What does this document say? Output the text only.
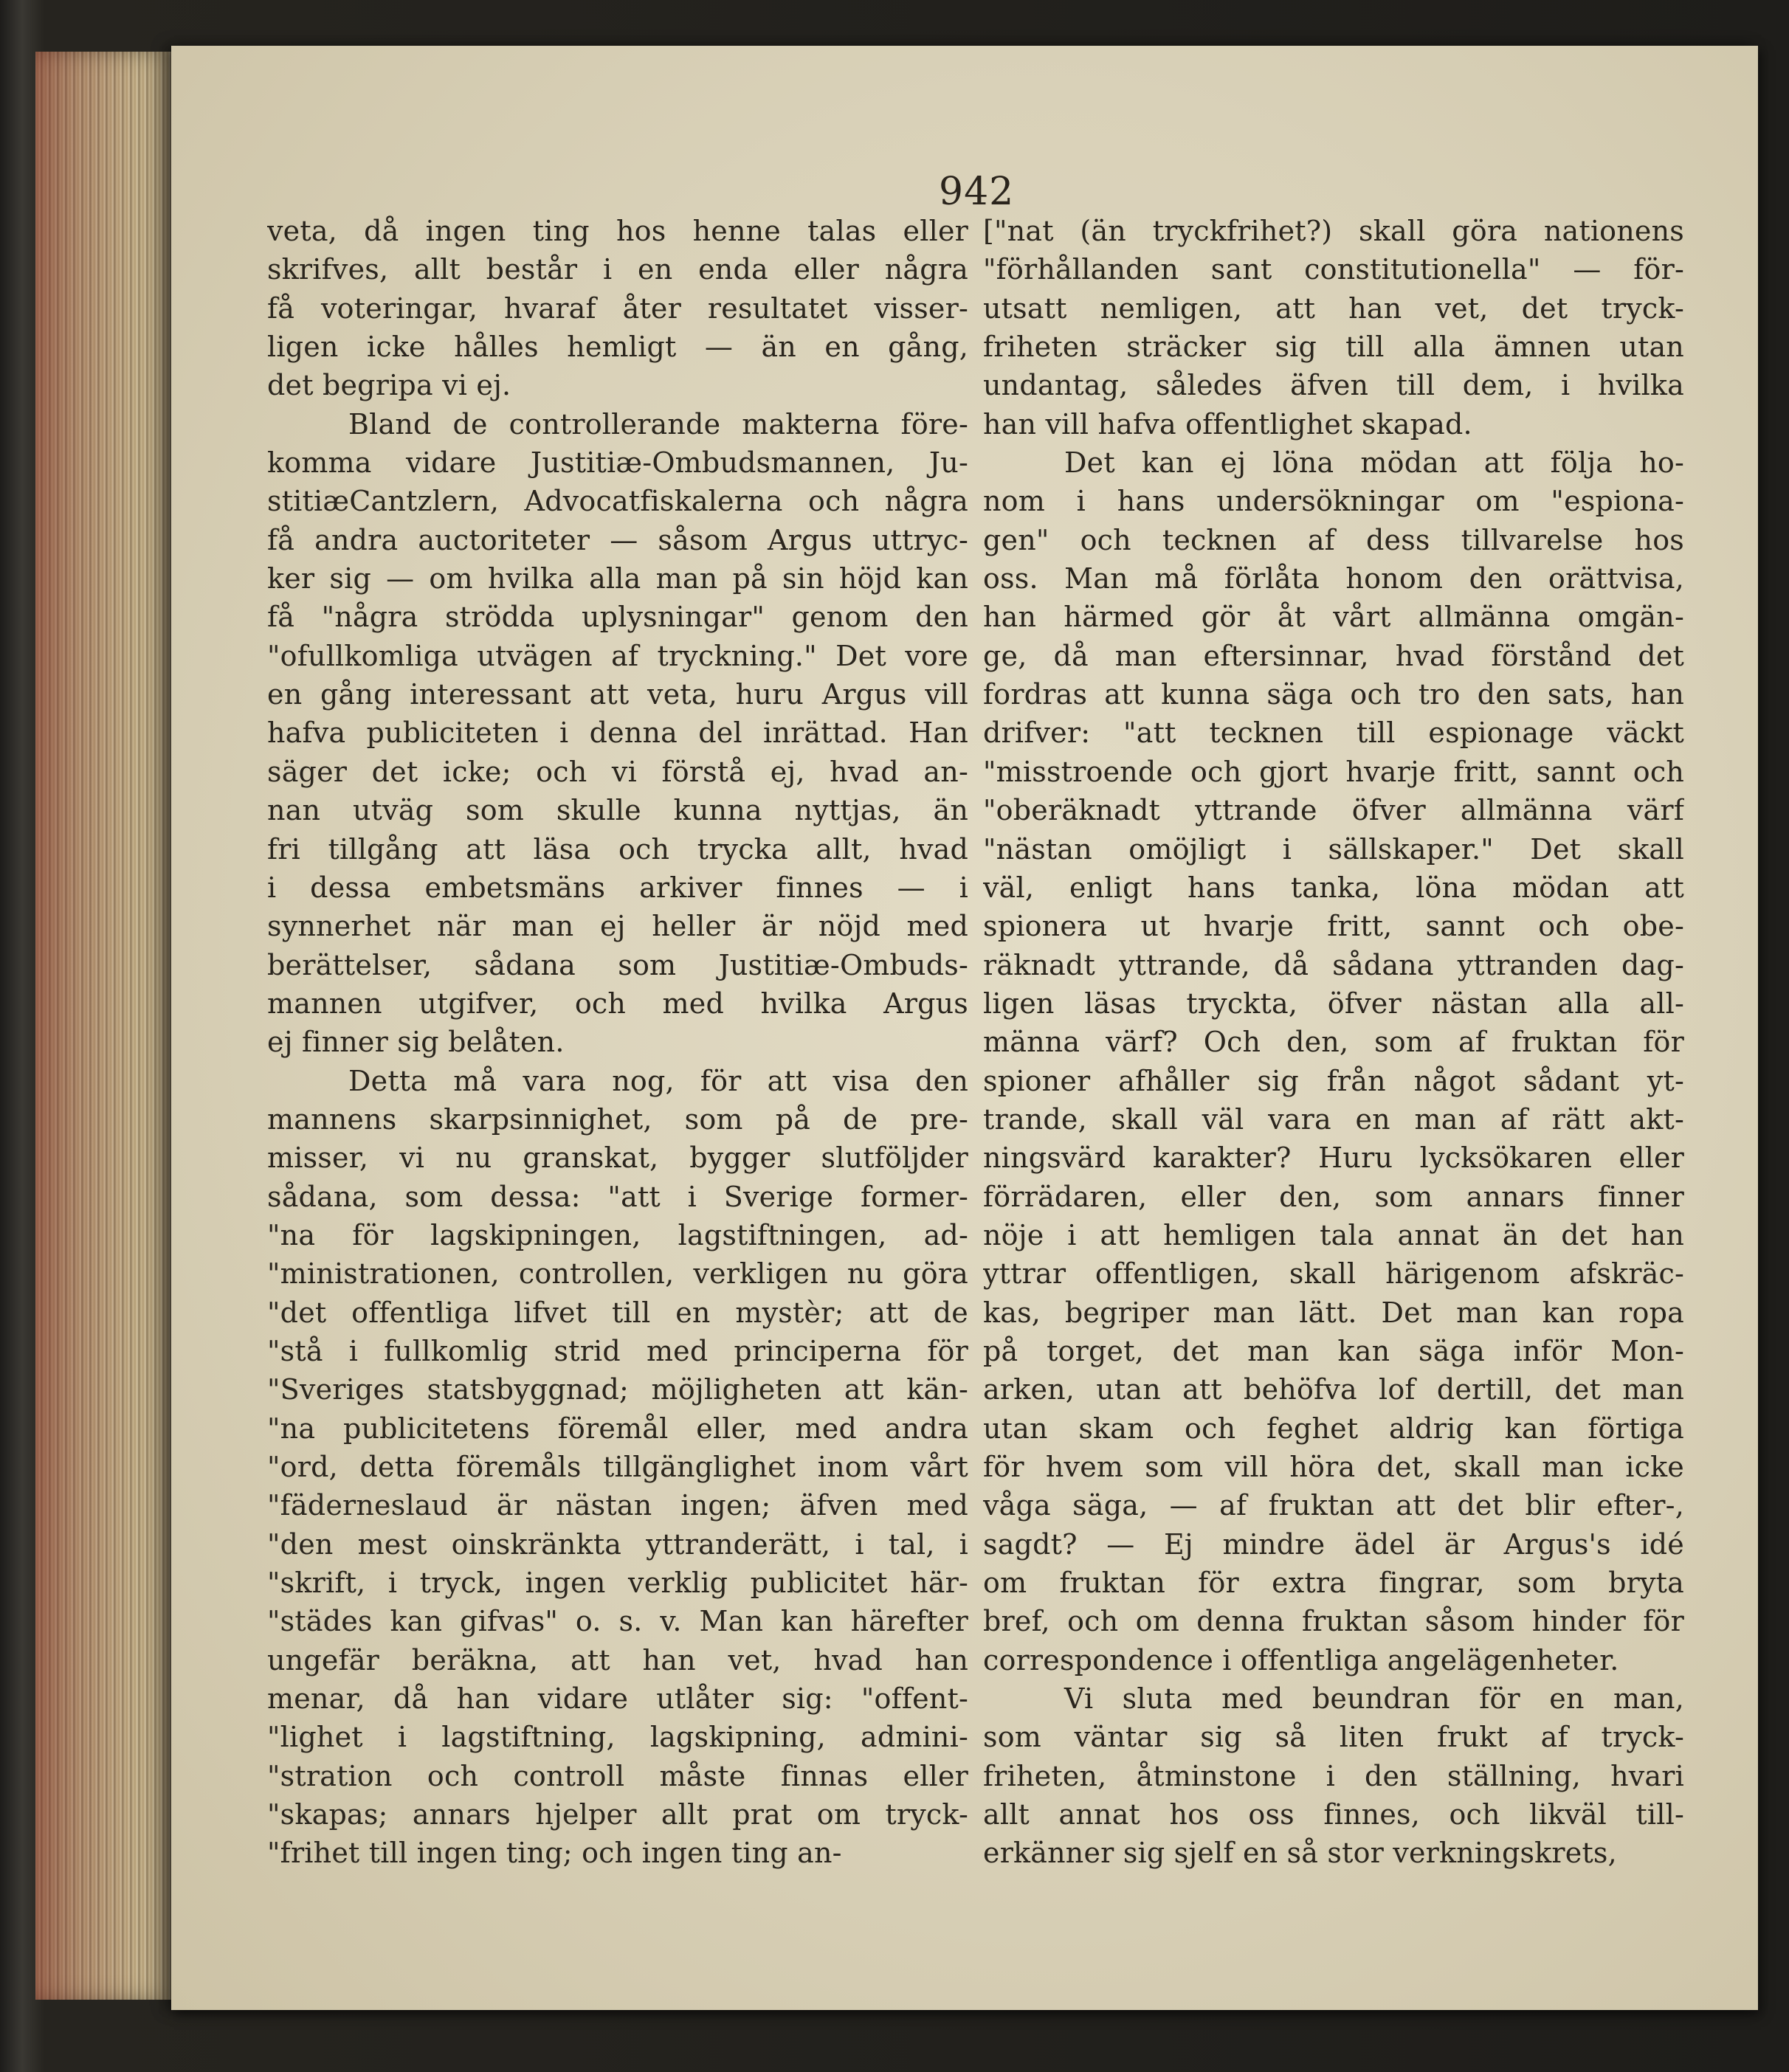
942
veta, då ingen ting hos henne talas eller
skrifves, allt består i en enda eller några
få voteringar, hvaraf åter resultatet visser-
ligen icke hålles hemligt — än en gång,
det begripa vi ej.
Bland de controllerande makterna före-
komma vidare Justitiæ-Ombudsmannen, Ju-
stitiæCantzlern, Advocatfiskalerna och några
få andra auctoriteter — såsom Argus uttryc-
ker sig — om hvilka alla man på sin höjd kan
få "några strödda uplysningar" genom den
"ofullkomliga utvägen af tryckning." Det vore
en gång interessant att veta, huru Argus vill
hafva publiciteten i denna del inrättad. Han
säger det icke; och vi förstå ej, hvad an-
nan utväg som skulle kunna nyttjas, än
fri tillgång att läsa och trycka allt, hvad
i dessa embetsmäns arkiver finnes — i
synnerhet när man ej heller är nöjd med
berättelser, sådana som Justitiæ-Ombuds-
mannen utgifver, och med hvilka Argus
ej finner sig belåten.
Detta må vara nog, för att visa den
mannens skarpsinnighet, som på de pre-
misser, vi nu granskat, bygger slutföljder
sådana, som dessa: "att i Sverige former-
"na för lagskipningen, lagstiftningen, ad-
"ministrationen, controllen, verkligen nu göra
"det offentliga lifvet till en mystèr; att de
"stå i fullkomlig strid med principerna för
"Sveriges statsbyggnad; möjligheten att kän-
"na publicitetens föremål eller, med andra
"ord, detta föremåls tillgänglighet inom vårt
"fäderneslaud är nästan ingen; äfven med
"den mest oinskränkta yttranderätt, i tal, i
"skrift, i tryck, ingen verklig publicitet här-
"städes kan gifvas" o. s. v. Man kan härefter
ungefär beräkna, att han vet, hvad han
menar, då han vidare utlåter sig: "offent-
"lighet i lagstiftning, lagskipning, admini-
"stration och controll måste finnas eller
"skapas; annars hjelper allt prat om tryck-
"frihet till ingen ting; och ingen ting an-
["nat (än tryckfrihet?) skall göra nationens
"förhållanden sant constitutionella" — för-
utsatt nemligen, att han vet, det tryck-
friheten sträcker sig till alla ämnen utan
undantag, således äfven till dem, i hvilka
han vill hafva offentlighet skapad.
Det kan ej löna mödan att följa ho-
nom i hans undersökningar om "espiona-
gen" och tecknen af dess tillvarelse hos
oss. Man må förlåta honom den orättvisa,
han härmed gör åt vårt allmänna omgän-
ge, då man eftersinnar, hvad förstånd det
fordras att kunna säga och tro den sats, han
drifver: "att tecknen till espionage väckt
"misstroende och gjort hvarje fritt, sannt och
"oberäknadt yttrande öfver allmänna värf
"nästan omöjligt i sällskaper." Det skall
väl, enligt hans tanka, löna mödan att
spionera ut hvarje fritt, sannt och obe-
räknadt yttrande, då sådana yttranden dag-
ligen läsas tryckta, öfver nästan alla all-
männa värf? Och den, som af fruktan för
spioner afhåller sig från något sådant yt-
trande, skall väl vara en man af rätt akt-
ningsvärd karakter? Huru lycksökaren eller
förrädaren, eller den, som annars finner
nöje i att hemligen tala annat än det han
yttrar offentligen, skall härigenom afskräc-
kas, begriper man lätt. Det man kan ropa
på torget, det man kan säga inför Mon-
arken, utan att behöfva lof dertill, det man
utan skam och feghet aldrig kan förtiga
för hvem som vill höra det, skall man icke
våga säga, — af fruktan att det blir efter-,
sagdt? — Ej mindre ädel är Argus's idé
om fruktan för extra fingrar, som bryta
bref, och om denna fruktan såsom hinder för
correspondence i offentliga angelägenheter.
Vi sluta med beundran för en man,
som väntar sig så liten frukt af tryck-
friheten, åtminstone i den ställning, hvari
allt annat hos oss finnes, och likväl till-
erkänner sig sjelf en så stor verkningskrets,
